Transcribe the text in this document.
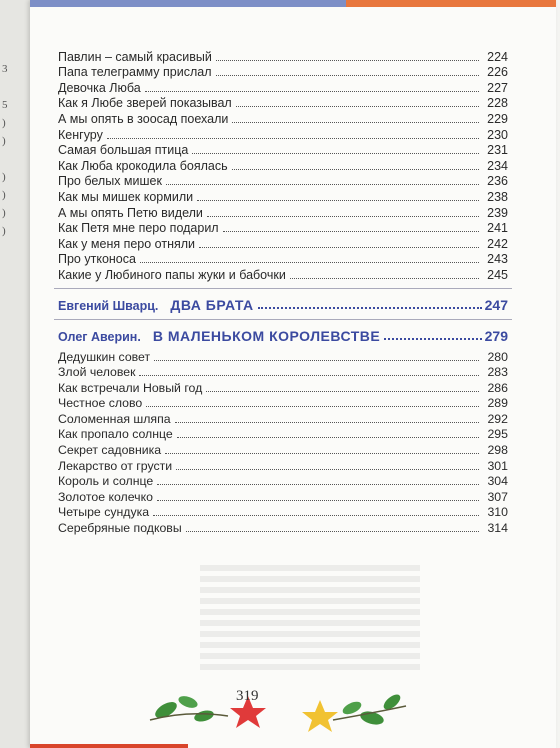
3

5
)
)

)
)
)
)
Павлин – самый красивый	224
Папа телеграмму прислал	226
Девочка Люба	227
Как я Любе зверей показывал	228
А мы опять в зоосад поехали	229
Кенгуру	230
Самая большая птица	231
Как Люба крокодила боялась	234
Про белых мишек	236
Как мы мишек кормили	238
А мы опять Петю видели	239
Как Петя мне перо подарил	241
Как у меня перо отняли	242
Про утконоса	243
Какие у Любиного папы жуки и бабочки	245
Евгений Шварц. ДВА БРАТА	247
Олег Аверин. В МАЛЕНЬКОМ КОРОЛЕВСТВЕ	279
Дедушкин совет	280
Злой человек	283
Как встречали Новый год	286
Честное слово	289
Соломенная шляпа	292
Как пропало солнце	295
Секрет садовника	298
Лекарство от грусти	301
Король и солнце	304
Золотое колечко	307
Четыре сундука	310
Серебряные подковы	314
319
